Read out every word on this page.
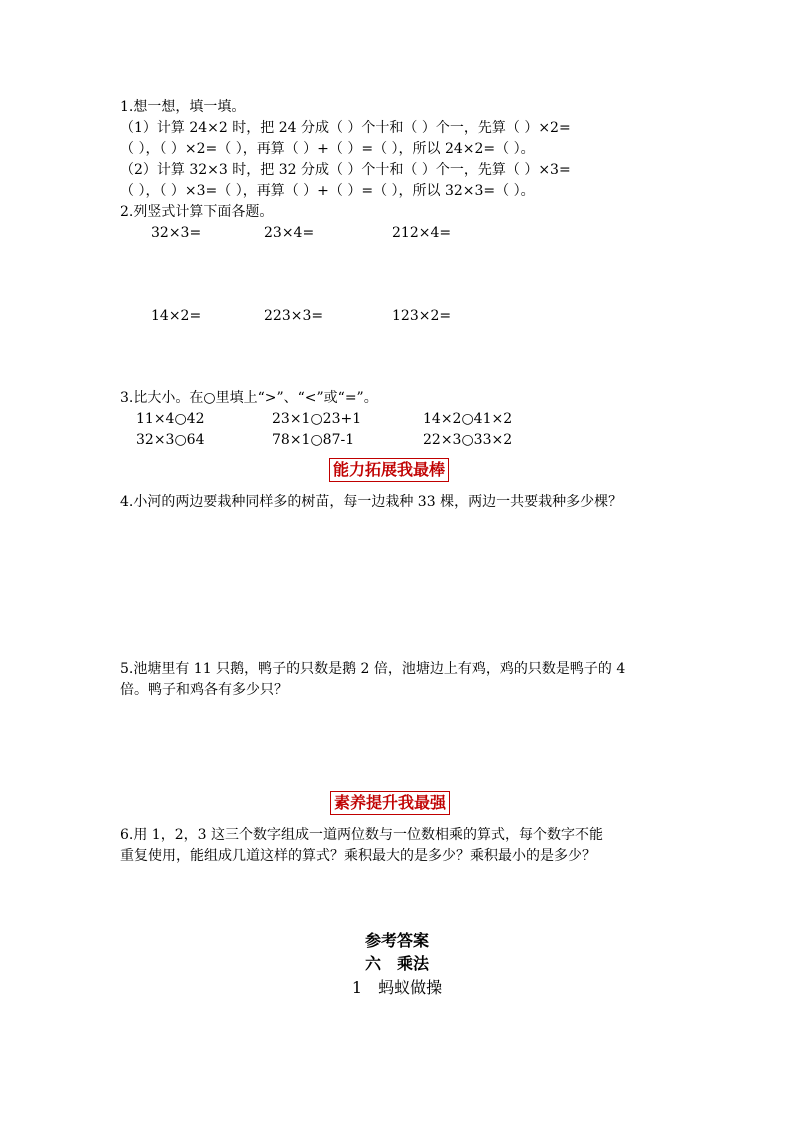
1.想一想，填一填。
（1）计算 24×2 时，把 24 分成（ ）个十和（ ）个一，先算（ ）×2=
（ ），（ ）×2=（ ），再算（ ）+（ ）=（ ），所以 24×2=（ ）。
（2）计算 32×3 时，把 32 分成（ ）个十和（ ）个一，先算（ ）×3=
（ ），（ ）×3=（ ），再算（ ）+（ ）=（ ），所以 32×3=（ ）。
2.列竖式计算下面各题。
32×3=	23×4=	212×4=
14×2=	223×3=	123×2=
3.比大小。在○里填上“>”、“<”或“=”。
11×4○42	23×1○23+1	14×2○41×2
32×3○64	78×1○87-1	22×3○33×2
能力拓展我最棒
4.小河的两边要栽种同样多的树苗，每一边栽种 33 棵，两边一共要栽种多少棵？
5.池塘里有 11 只鹅，鸭子的只数是鹅 2 倍，池塘边上有鸡，鸡的只数是鸭子的 4
倍。鸭子和鸡各有多少只？
素养提升我最强
6.用 1，2，3 这三个数字组成一道两位数与一位数相乘的算式，每个数字不能
重复使用，能组成几道这样的算式？乘积最大的是多少？乘积最小的是多少？
参考答案
六　乘法
1　蚂蚁做操
